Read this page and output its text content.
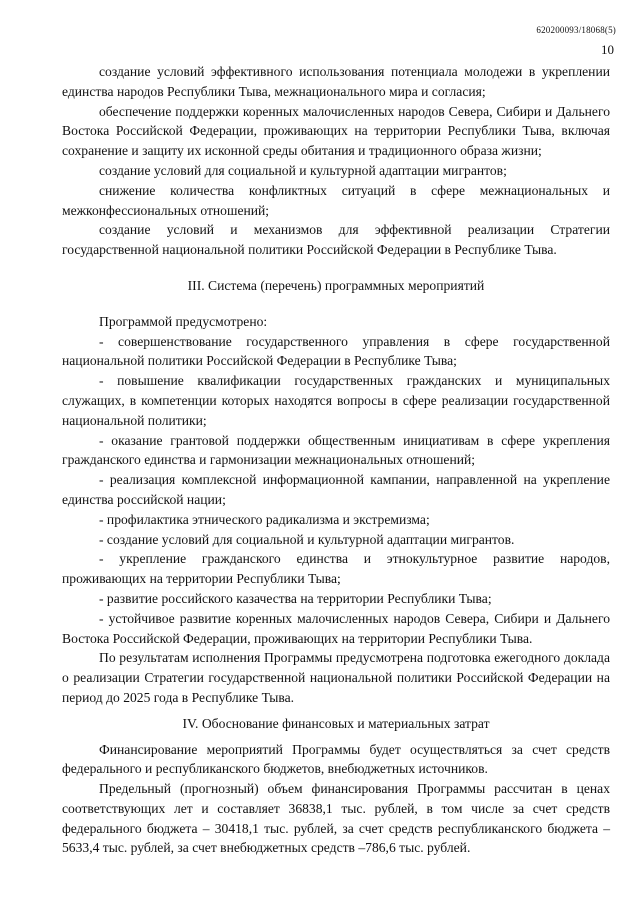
620200093/18068(5)
10

создание условий эффективного использования потенциала молодежи в укреплении единства народов Республики Тыва, межнационального мира и согласия;

обеспечение поддержки коренных малочисленных народов Севера, Сибири и Дальнего Востока Российской Федерации, проживающих на территории Республики Тыва, включая сохранение и защиту их исконной среды обитания и традиционного образа жизни;

создание условий для социальной и культурной адаптации мигрантов;

снижение количества конфликтных ситуаций в сфере межнациональных и межконфессиональных отношений;

создание условий и механизмов для эффективной реализации Стратегии государственной национальной политики Российской Федерации в Республике Тыва.

III. Система (перечень) программных мероприятий

Программой предусмотрено:

- совершенствование государственного управления в сфере государственной национальной политики Российской Федерации в Республике Тыва;

- повышение квалификации государственных гражданских и муниципальных служащих, в компетенции которых находятся вопросы в сфере реализации государственной национальной политики;

- оказание грантовой поддержки общественным инициативам в сфере укрепления гражданского единства и гармонизации межнациональных отношений;

- реализация комплексной информационной кампании, направленной на укрепление единства российской нации;

- профилактика этнического радикализма и экстремизма;

- создание условий для социальной и культурной адаптации мигрантов.

- укрепление гражданского единства и этнокультурное развитие народов, проживающих на территории Республики Тыва;

- развитие российского казачества на территории Республики Тыва;

- устойчивое развитие коренных малочисленных народов Севера, Сибири и Дальнего Востока Российской Федерации, проживающих на территории Республики Тыва.

По результатам исполнения Программы предусмотрена подготовка ежегодного доклада о реализации Стратегии государственной национальной политики Российской Федерации на период до 2025 года в Республике Тыва.

IV. Обоснование финансовых и материальных затрат

Финансирование мероприятий Программы будет осуществляться за счет средств федерального и республиканского бюджетов, внебюджетных источников.

Предельный (прогнозный) объем финансирования Программы рассчитан в ценах соответствующих лет и составляет 36838,1 тыс. рублей, в том числе за счет средств федерального бюджета – 30418,1 тыс. рублей, за счет средств республиканского бюджета – 5633,4 тыс. рублей, за счет внебюджетных средств –786,6 тыс. рублей.
